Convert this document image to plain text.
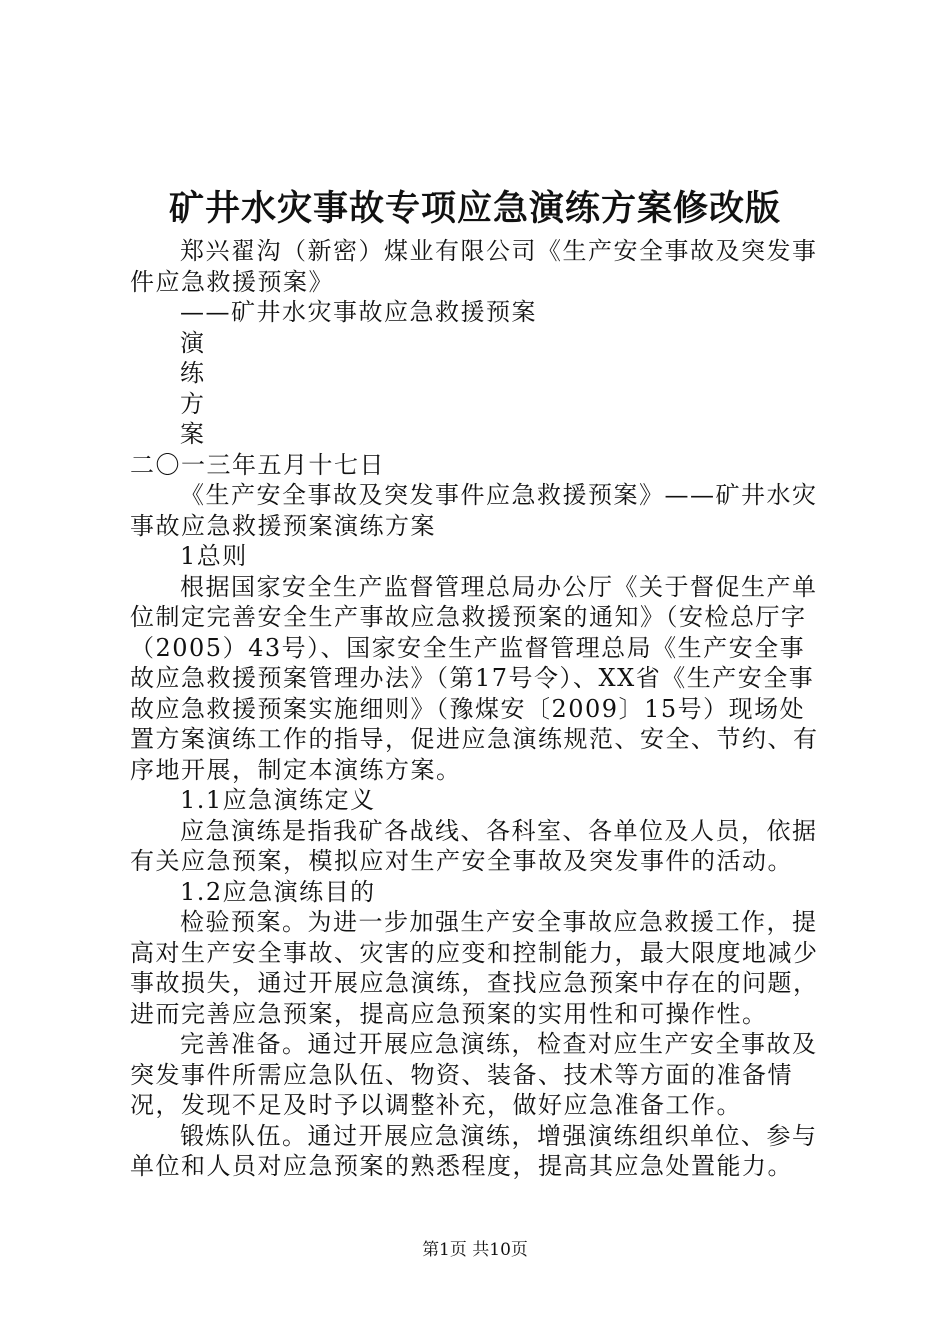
矿井水灾事故专项应急演练方案修改版

郑兴翟沟（新密）煤业有限公司《生产安全事故及突发事件应急救援预案》

——矿井水灾事故应急救援预案

演

练

方

案

二〇一三年五月十七日

《生产安全事故及突发事件应急救援预案》——矿井水灾事故应急救援预案演练方案

1总则

根据国家安全生产监督管理总局办公厅《关于督促生产单位制定完善安全生产事故应急救援预案的通知》（安检总厅字（2005）43号）、国家安全生产监督管理总局《生产安全事故应急救援预案管理办法》（第17号令）、XX省《生产安全事故应急救援预案实施细则》（豫煤安〔2009〕15号）现场处置方案演练工作的指导，促进应急演练规范、安全、节约、有序地开展，制定本演练方案。

1.1应急演练定义

应急演练是指我矿各战线、各科室、各单位及人员，依据有关应急预案，模拟应对生产安全事故及突发事件的活动。

1.2应急演练目的

检验预案。为进一步加强生产安全事故应急救援工作，提高对生产安全事故、灾害的应变和控制能力，最大限度地减少事故损失，通过开展应急演练，查找应急预案中存在的问题，进而完善应急预案，提高应急预案的实用性和可操作性。

完善准备。通过开展应急演练，检查对应生产安全事故及突发事件所需应急队伍、物资、装备、技术等方面的准备情况，发现不足及时予以调整补充，做好应急准备工作。

锻炼队伍。通过开展应急演练，增强演练组织单位、参与单位和人员对应急预案的熟悉程度，提高其应急处置能力。

第1页 共10页
